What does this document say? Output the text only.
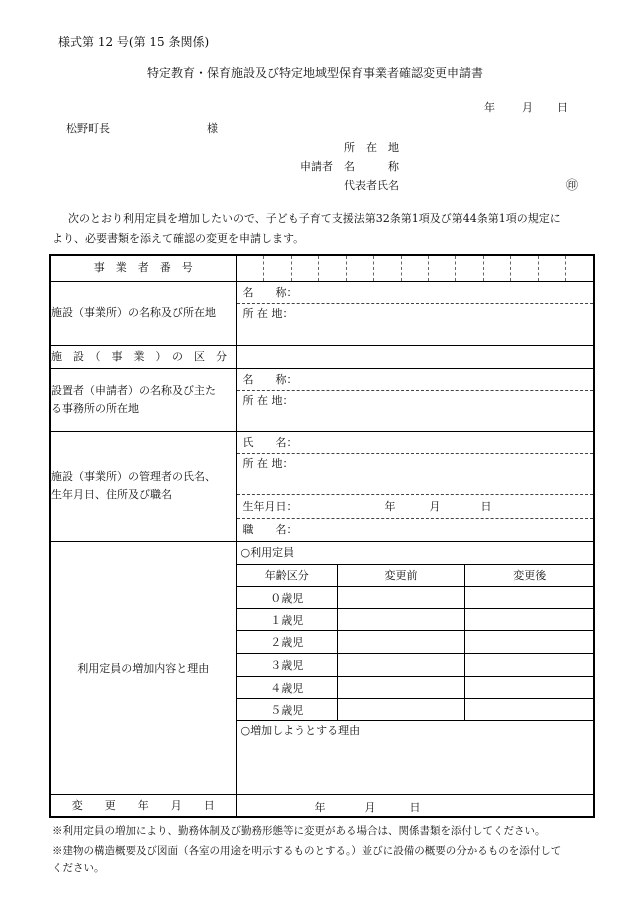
様式第 12 号(第 15 条関係)
特定教育・保育施設及び特定地域型保育事業者確認変更申請書
年 月 日
松野町長	様
所　在　地
申請者 名　　　称
代表者氏名	㊞
次のとおり利用定員を増加したいので、子ども子育て支援法第32条第1項及び第44条第1項の規定に
より、必要書類を添えて確認の変更を申請します。
事　業　者　番　号	

施設（事業所）の名称及び所在地	
名　　称：
所 在 地：

施　設　（　事　業　）　の　区　分	

設置者（申請者）の名称及び主た
る事務所の所在地

名　　称：
所 在 地：

施設（事業所）の管理者の氏名、
生年月日、住所及び職名

氏　　名：
所 在 地：
生年月日：	年	月	日
職　　名：

利用定員の増加内容と理由	
○利用定員
年齢区分	変更前	変更後
０歳児		
１歳児		
２歳児		
３歳児		
４歳児		
５歳児		
○増加しようとする理由

変　　更　　年　　月　　日	年	月	日
※利用定員の増加により、勤務体制及び勤務形態等に変更がある場合は、関係書類を添付してください。
※建物の構造概要及び図面（各室の用途を明示するものとする。）並びに設備の概要の分かるものを添付して
ください。
